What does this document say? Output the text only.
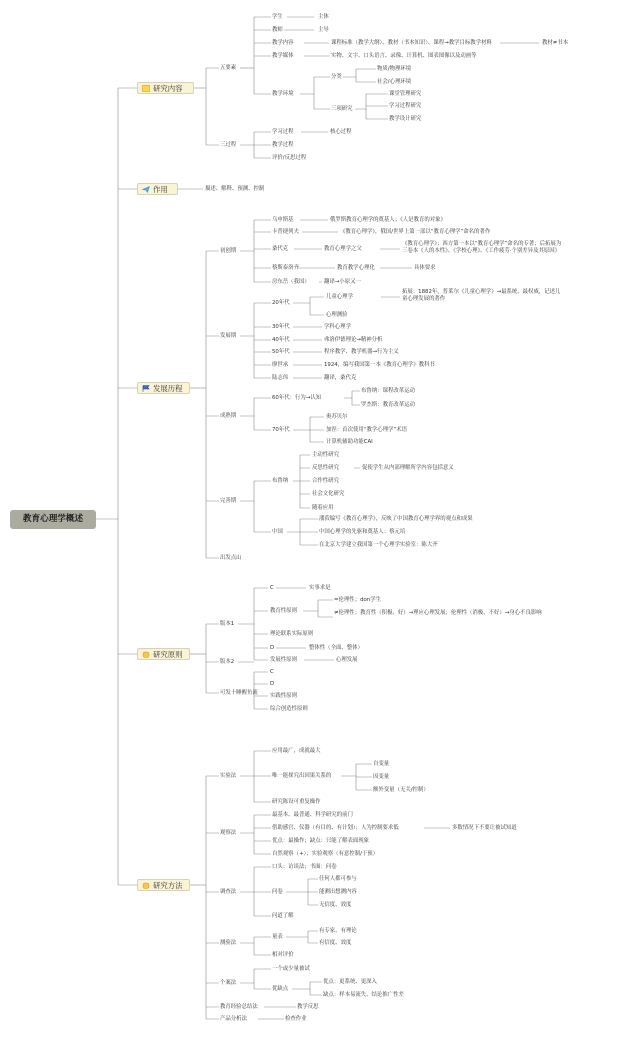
教育心理学概述
研究内容
作用
发展历程
研究原则
研究方法
五要素
学生	主体
教师	主导
教学内容	课程标准（教学大纲）、教材（书本知识）、课程→教学目标教学材料	教材≠书本
教学媒体	实物、文字、口头语言、录像、计算机、图表图像以及动画等
教学环境
分类
物质/物理环境
社会/心理环境
三项研究
课堂管理研究
学习过程研究
教学设计研究
三过程
学习过程	核心过程
教学过程
评价/反思过程
描述、解释、预测、控制
初创期
乌申斯基	俄罗斯教育心理学的奠基人；《人是教育的对象》
卡普捷列夫	《教育心理学》，俄国/世界上第一部以“教育心理学”命名的著作
桑代克	教育心理学之父
《教育心理学》；西方第一本以“教育心理学”命名的专著；后拓展为三卷本《人的本性》、《学校心理》、《工作疲劳·个别差异及其原因》
蔡斯泰洛齐	教育教学心理化	具体要求
房东岳（我国）	翻译→小原又一
发展期
20年代
儿童心理学
拓展：1882年，普莱尔《儿童心理学》→最系统、最权威，记述儿童心理发展的著作
心理测验
30年代	学科心理学
40年代	弗洛伊德理论→精神分析
50年代	程序教学、教学机器→行为主义
廖世承	1924，编写我国第一本《教育心理学》教科书
陆志伟	翻译，桑代克
成熟期
60年代：行为→认知
布鲁纳：课程改革运动
罗杰斯：教育改革运动
70年代
奥苏贝尔
加涅：首次使用“教学心理学”术语
计算机辅助功能CAI
完善期
布鲁纳
主动性研究
反思性研究	促使学生从内部理解所学内容包括意义
合作性研究
社会文化研究
随着应用
中国
潘菽编写《教育心理学》，反映了中国教育心理学界的观点和成果
中国心理学的先驱和奠基人：蔡元培
在北京大学建立我国第一个心理学实验室：陈大齐
出发点山
版本1
C	实事求是
教育性原则
=伦理性；don学生
≠伦理性；教育性（积极、好）→理应心理发展；伦理性（消极、不好）→身心不良影响
理论联系实际原则
D	整体性（全面、整体）
发展性原则	心理发展
版本2
C
D
实践性原则
综合创造性原则
可发十睡醒鱼流
实验法
应用最广，成就最大
唯一能探究出因果关系的
自变量
因变量
额外变量（无关/控制）
研究陈设可重复操作
观察法
最基本、最普通、科学研究的前门
借助感官、仪器（有目的、有计划）；人为控制要求低	多数情况下不要让被试知道
优点：最操作；缺点：只能了解表面现象
自然观察（+）；实验观察（有意控制/干预）
调查法
口头：访谈法；书面：问卷
问卷
任何人都可参与
能测出想测内容
无信度、效度
问道了解
测验法
量表
有专家、有理论
有信度、效度
相对评价
个案法
一个或少量被试
优缺点
优点：更系统、更深入
缺点：样本易流失、结论推广性差
教育经验总结法	教学反思
产品分析法	检查作业
